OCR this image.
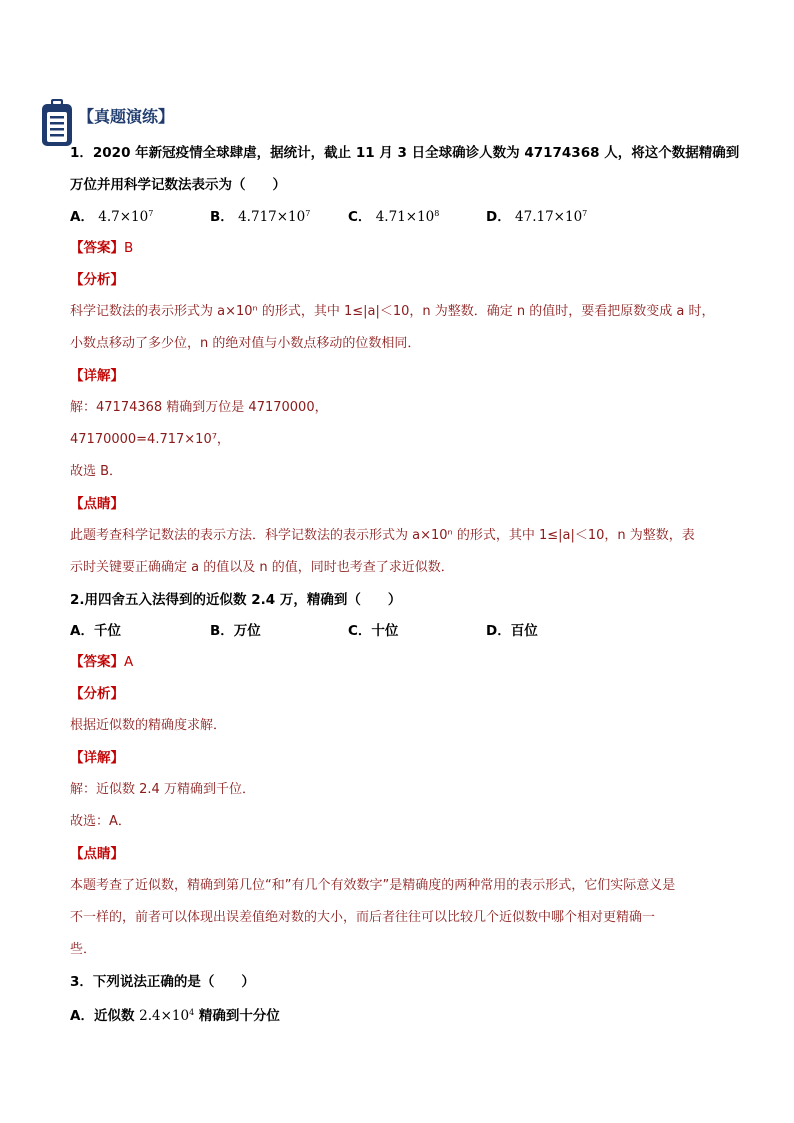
【真题演练】
1．2020 年新冠疫情全球肆虐，据统计，截止 11 月 3 日全球确诊人数为 47174368 人，将这个数据精确到
万位并用科学记数法表示为（　　）
A． $4.7\times 10^7$	B． $4.717\times 10^7$	C． $4.71\times 10^8$	D． $47.17\times 10^7$
【答案】B
【分析】
科学记数法的表示形式为 a×10ⁿ 的形式，其中 1≤|a|＜10，n 为整数．确定 n 的值时，要看把原数变成 a 时，
小数点移动了多少位，n 的绝对值与小数点移动的位数相同．
【详解】
解：47174368 精确到万位是 47170000，
47170000=4.717×10⁷，
故选 B．
【点睛】
此题考查科学记数法的表示方法．科学记数法的表示形式为 a×10ⁿ 的形式，其中 1≤|a|＜10，n 为整数，表
示时关键要正确确定 a 的值以及 n 的值，同时也考查了求近似数．
2.用四舍五入法得到的近似数 2.4 万，精确到（　　）
A．千位	B．万位	C．十位	D．百位
【答案】A
【分析】
根据近似数的精确度求解．
【详解】
解：近似数 2.4 万精确到千位．
故选：A．
【点睛】
本题考查了近似数，精确到第几位“和”有几个有效数字”是精确度的两种常用的表示形式，它们实际意义是
不一样的，前者可以体现出误差值绝对数的大小，而后者往往可以比较几个近似数中哪个相对更精确一
些．
3．下列说法正确的是（　　）
A．近似数 $2.4\times 10^4$ 精确到十分位
